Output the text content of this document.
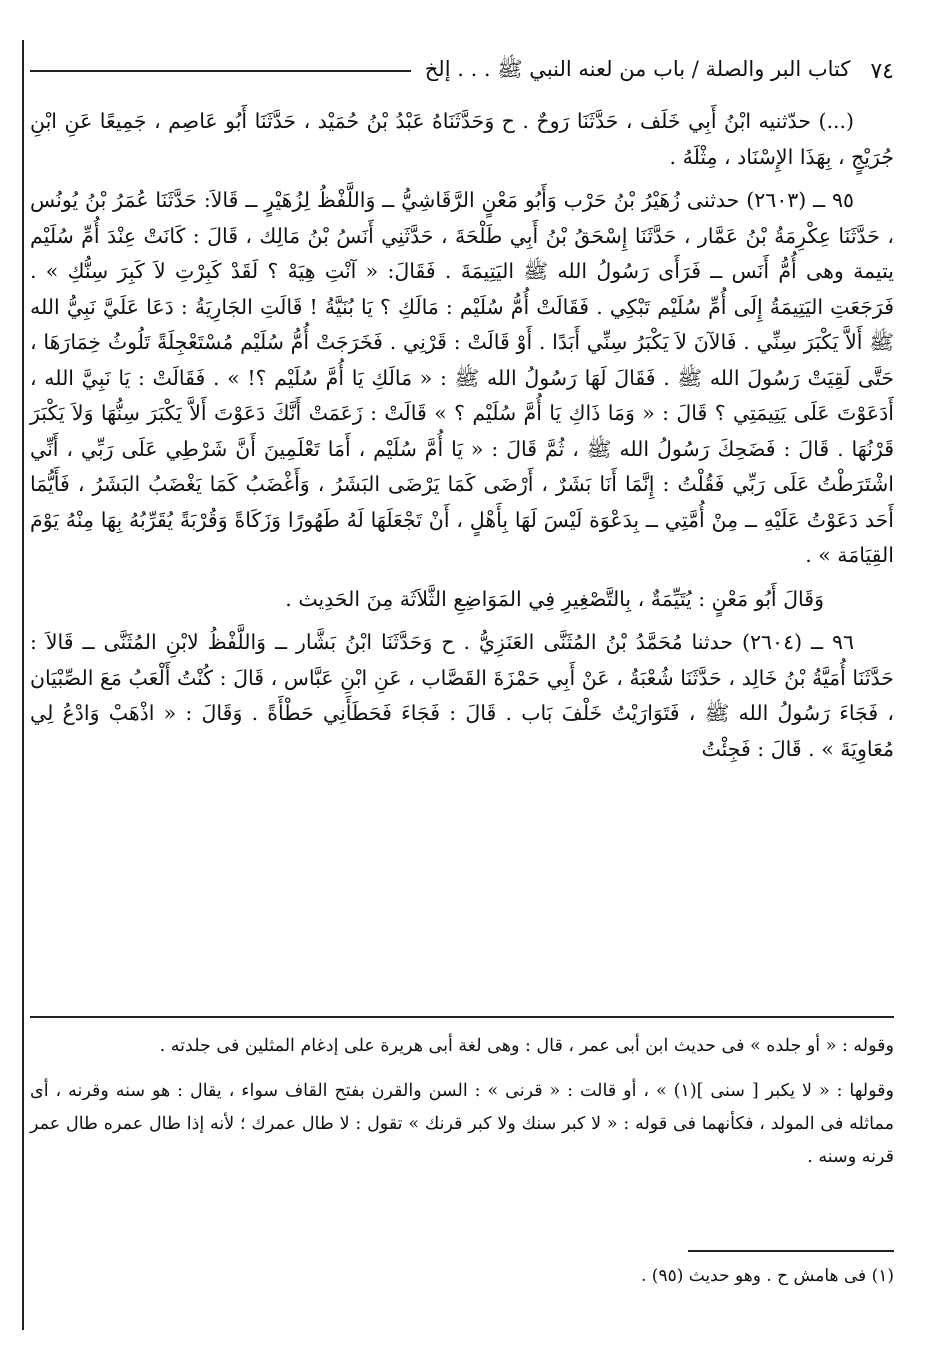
٧٤
كتاب البر والصلة / باب من لعنه النبي ﷺ . . . إلخ

(...) حدّثنيه ابْنُ أَبِي خَلَف ، حَدَّثَنَا رَوحٌ . ح وَحَدَّثَنَاهُ عَبْدُ بْنُ حُمَيْد ، حَدَّثَنَا أَبُو عَاصِم ، جَمِيعًا عَنِ ابْنِ جُرَيْجٍ ، بِهَذَا الإِسْنَاد ، مِثْلَهُ .

٩٥ ــ (٢٦٠٣) حدثنى زُهَيْرُ بْنُ حَرْب وَأَبُو مَعْنٍ الرَّقَاشِيُّ ــ وَاللَّفْظُ لِزُهَيْرٍ ــ قَالاَ: حَدَّثَنَا عُمَرُ بْنُ يُونُس ، حَدَّثَنَا عِكْرِمَةُ بْنُ عَمَّار ، حَدَّثَنَا إِسْحَقُ بْنُ أَبِي طَلْحَةَ ، حَدَّثَنِي أَنَسُ بْنُ مَالِك ، قَالَ : كَانَتْ عِنْدَ أُمِّ سُلَيْم يتيمة وهى أُمُّ أَنَس ــ فَرَأَى رَسُولُ الله ﷺ اليَتِيمَةَ . فَقَالَ: « آنْتِ هِيَهْ ؟ لَقَدْ كَبِرْتِ لاَ كَبِرَ سِنُّكِ » . فَرَجَعَتِ اليَتِيمَةُ إِلَى أُمِّ سُلَيْم تَبْكِي . فَقَالَتْ أُمُّ سُلَيْم : مَالَكِ ؟ يَا بُنَيَّةُ ! قَالَتِ الجَارِيَةُ : دَعَا عَلَيَّ نَبِيُّ الله ﷺ أَلاَّ يَكْبَرَ سِنِّي . فَالآنَ لاَ يَكْبَرُ سِنِّي أَبَدًا . أَوْ قَالَتْ : قَرْنِي . فَخَرَجَتْ أُمُّ سُلَيْم مُسْتَعْجِلَةً تَلُوثُ خِمَارَهَا ، حَتَّى لَقِيَتْ رَسُولَ الله ﷺ . فَقَالَ لَهَا رَسُولُ الله ﷺ : « مَالَكِ يَا أُمَّ سُلَيْم ؟! » . فَقَالَتْ : يَا نَبِيَّ الله ، أَدَعَوْتَ عَلَى يَتِيمَتِي ؟ قَالَ : « وَمَا ذَاكِ يَا أُمَّ سُلَيْم ؟ » قَالَتْ : زَعَمَتْ أَنَّكَ دَعَوْتَ أَلاَّ يَكْبَرَ سِنُّهَا وَلاَ يَكْبَرَ قَرْنُهَا . قَالَ : فَضَحِكَ رَسُولُ الله ﷺ ، ثُمَّ قَالَ : « يَا أُمَّ سُلَيْم ، أَمَا تَعْلَمِينَ أَنَّ شَرْطِي عَلَى رَبِّي ، أَنِّي اشْتَرَطْتُ عَلَى رَبِّي فَقُلْتُ : إِنَّمَا أَنَا بَشَرٌ ، أَرْضَى كَمَا يَرْضَى البَشَرُ ، وَأَغْضَبُ كَمَا يَغْضَبُ البَشَرُ ، فَأَيُّمَا أَحَد دَعَوْتُ عَلَيْهِ ــ مِنْ أُمَّتِي ــ بِدَعْوَة لَيْسَ لَهَا بِأَهْلٍ ، أَنْ تَجْعَلَهَا لَهُ طَهُورًا وَزَكَاةً وَقُرْبَةً يُقَرِّبُهُ بِهَا مِنْهُ يَوْمَ القِيَامَة » .

وَقَالَ أَبُو مَعْنٍ : يُتَيِّمَةٌ ، بِالتَّصْغِيرِ فِي المَوَاضِعِ الثَّلاَثَة مِنَ الحَدِيث .

٩٦ ــ (٢٦٠٤) حدثنا مُحَمَّدُ بْنُ المُثَنَّى العَنَزِيُّ . ح وَحَدَّثَنَا ابْنُ بَشَّار ــ وَاللَّفْظُ لابْنِ المُثَنَّى ــ قَالاَ : حَدَّثَنَا أُمَيَّةُ بْنُ خَالِد ، حَدَّثَنَا شُعْبَةُ ، عَنْ أَبِي حَمْزَةَ القَصَّاب ، عَنِ ابْنِ عَبَّاس ، قَالَ : كُنْتُ أَلْعَبُ مَعَ الصِّبْيَان ، فَجَاءَ رَسُولُ الله ﷺ ، فَتَوَارَيْتُ خَلْفَ بَاب . قَالَ : فَجَاءَ فَحَطَأَنِي حَطْأَةً . وَقَالَ : « اذْهَبْ وَادْعُ لِي مُعَاوِيَةَ » . قَالَ : فَجِئْتُ

وقوله : « أو جلده » فى حديث ابن أبى عمر ، قال : وهى لغة أبى هريرة على إدغام المثلين فى جلدته .

وقولها : « لا يكبر [ سنى ](١) » ، أو قالت : « قرنى » : السن والقرن بفتح القاف سواء ، يقال : هو سنه وقرنه ، أى مماثله فى المولد ، فكأنهما فى قوله : « لا كبر سنك ولا كبر قرنك » تقول : لا طال عمرك ؛ لأنه إذا طال عمره طال عمر قرنه وسنه .

(١) فى هامش ح . وهو حديث (٩٥) .
